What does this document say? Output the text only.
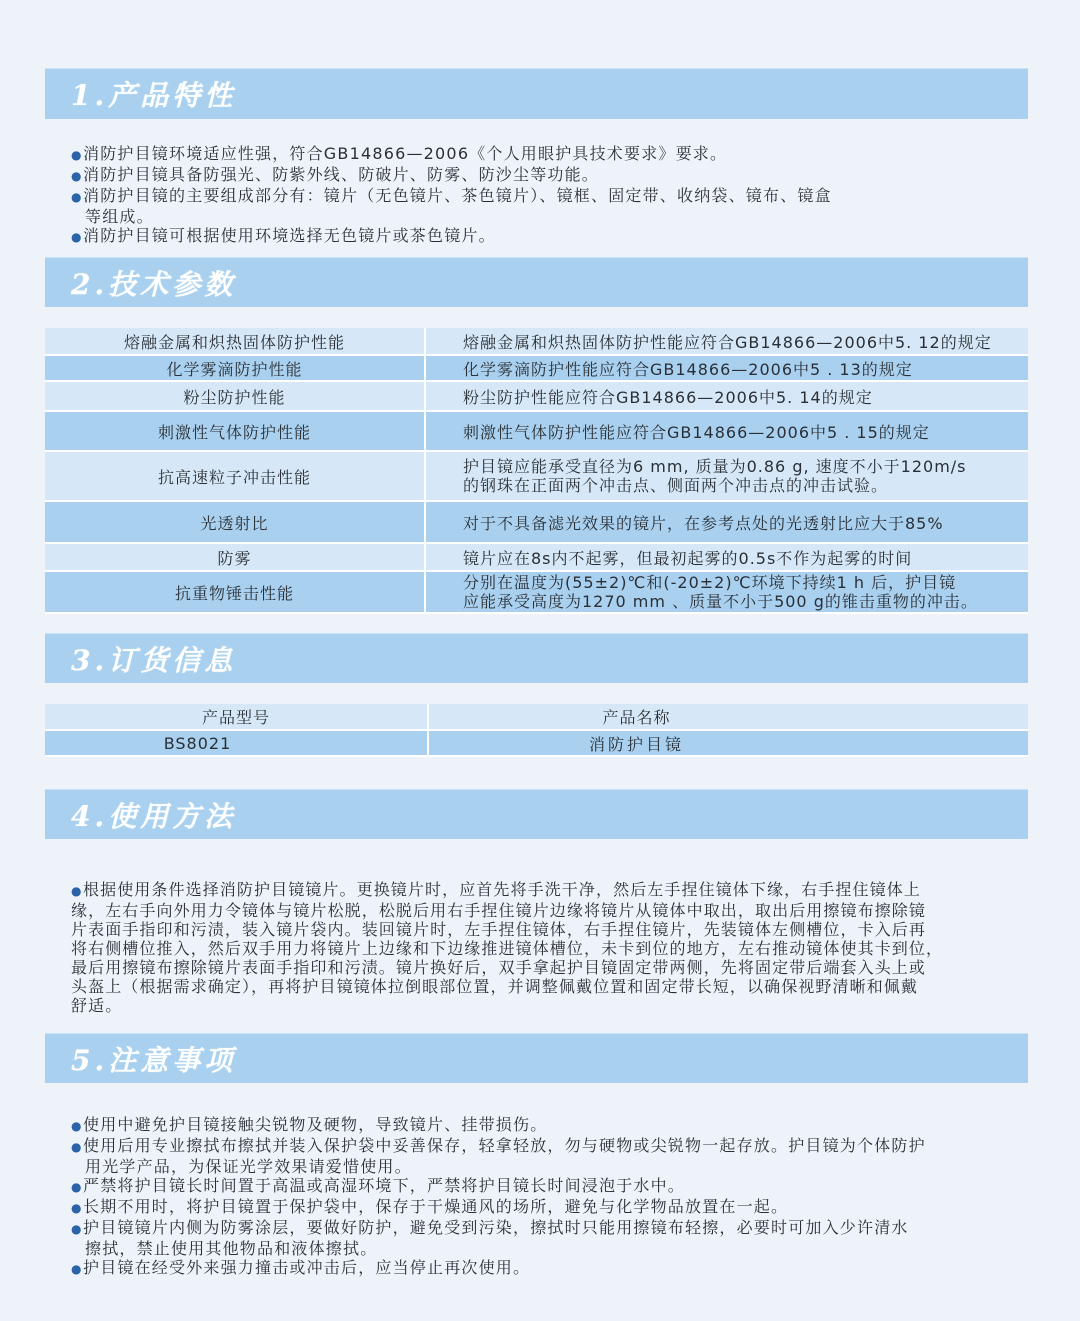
1.产品特性

●消防护目镜环境适应性强，符合GB14866—2006《个人用眼护具技术要求》要求。

●消防护目镜具备防强光、防紫外线、防破片、防雾、防沙尘等功能。

●消防护目镜的主要组成部分有：镜片（无色镜片、茶色镜片）、镜框、固定带、收纳袋、镜布、镜盒

等组成。

●消防护目镜可根据使用环境选择无色镜片或茶色镜片。

2.技术参数
熔融金属和炽热固体防护性能	熔融金属和炽热固体防护性能应符合GB14866—2006中5. 12的规定
化学雾滴防护性能	化学雾滴防护性能应符合GB14866—2006中5 . 13的规定
粉尘防护性能	粉尘防护性能应符合GB14866—2006中5. 14的规定
刺激性气体防护性能	刺激性气体防护性能应符合GB14866—2006中5 . 15的规定
抗高速粒子冲击性能	护目镜应能承受直径为6 mm, 质量为0.86 g, 速度不小于120m/s
的钢珠在正面两个冲击点、侧面两个冲击点的冲击试验。

光透射比	对于不具备滤光效果的镜片，在参考点处的光透射比应大于85%
防雾	镜片应在8s内不起雾，但最初起雾的0.5s不作为起雾的时间
抗重物锤击性能	分别在温度为(55±2)℃和(-20±2)℃环境下持续1 h 后，护目镜
应能承受高度为1270 mm 、质量不小于500 g的锥击重物的冲击。
3.订货信息
产品型号	产品名称
BS8021	消防护目镜
4.使用方法
●根据使用条件选择消防护目镜镜片。更换镜片时，应首先将手洗干净，然后左手捏住镜体下缘，右手捏住镜体上
缘，左右手向外用力令镜体与镜片松脱，松脱后用右手捏住镜片边缘将镜片从镜体中取出，取出后用擦镜布擦除镜
片表面手指印和污渍，装入镜片袋内。装回镜片时，左手捏住镜体，右手捏住镜片，先装镜体左侧槽位，卡入后再
将右侧槽位推入，然后双手用力将镜片上边缘和下边缘推进镜体槽位，未卡到位的地方，左右推动镜体使其卡到位，
最后用擦镜布擦除镜片表面手指印和污渍。镜片换好后，双手拿起护目镜固定带两侧，先将固定带后端套入头上或
头盔上（根据需求确定），再将护目镜镜体拉倒眼部位置，并调整佩戴位置和固定带长短，以确保视野清晰和佩戴
舒适。
5.注意事项

●使用中避免护目镜接触尖锐物及硬物，导致镜片、挂带损伤。

●使用后用专业擦拭布擦拭并装入保护袋中妥善保存，轻拿轻放，勿与硬物或尖锐物一起存放。护目镜为个体防护

用光学产品，为保证光学效果请爱惜使用。

●严禁将护目镜长时间置于高温或高湿环境下，严禁将护目镜长时间浸泡于水中。

●长期不用时，将护目镜置于保护袋中，保存于干燥通风的场所，避免与化学物品放置在一起。

●护目镜镜片内侧为防雾涂层，要做好防护，避免受到污染，擦拭时只能用擦镜布轻擦，必要时可加入少许清水

擦拭，禁止使用其他物品和液体擦拭。

●护目镜在经受外来强力撞击或冲击后，应当停止再次使用。
